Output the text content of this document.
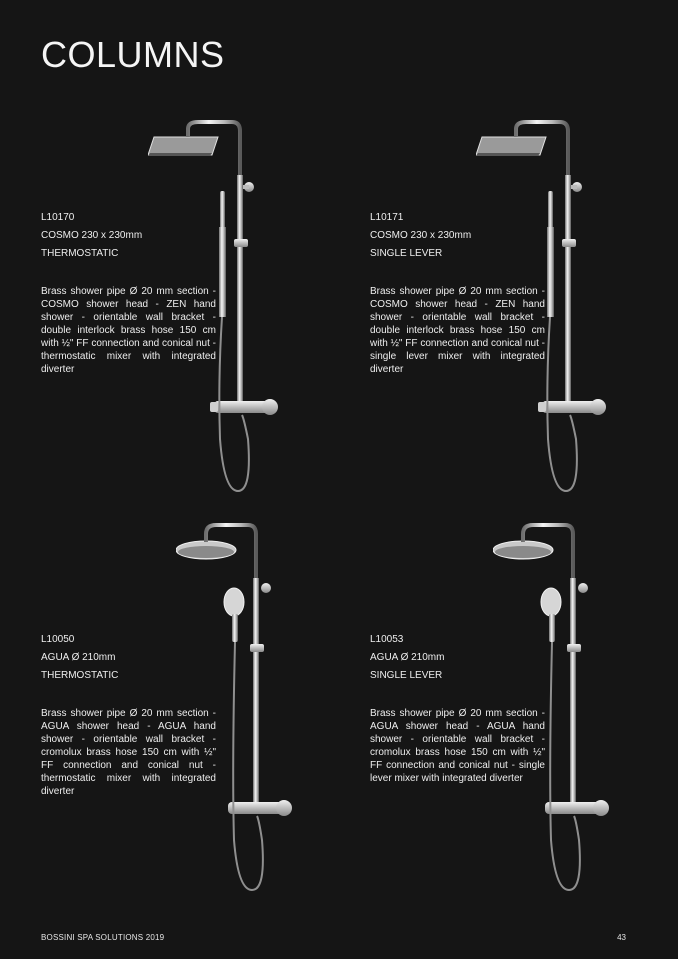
COLUMNS
L10170
COSMO 230 x 230mm
THERMOSTATIC
Brass shower pipe Ø 20 mm section - COSMO shower head - ZEN hand shower - orientable wall bracket - double interlock brass hose 150 cm with ½" FF connection and conical nut - thermostatic mixer with integrated diverter
L10171
COSMO 230 x 230mm
SINGLE LEVER
Brass shower pipe Ø 20 mm section - COSMO shower head - ZEN hand shower - orientable wall bracket - double interlock brass hose 150 cm with ½" FF connection and conical nut - single lever mixer with integrated diverter
L10050
AGUA Ø 210mm
THERMOSTATIC
Brass shower pipe Ø 20 mm section - AGUA shower head - AGUA hand shower - orientable wall bracket - cromolux brass hose 150 cm with ½" FF connection and conical nut - thermostatic mixer with integrated diverter
L10053
AGUA Ø 210mm
SINGLE LEVER
Brass shower pipe Ø 20 mm section - AGUA shower head - AGUA hand shower - orientable wall bracket - cromolux brass hose 150 cm with ½" FF connection and conical nut - single lever mixer with integrated diverter
BOSSINI SPA SOLUTIONS 2019	43
